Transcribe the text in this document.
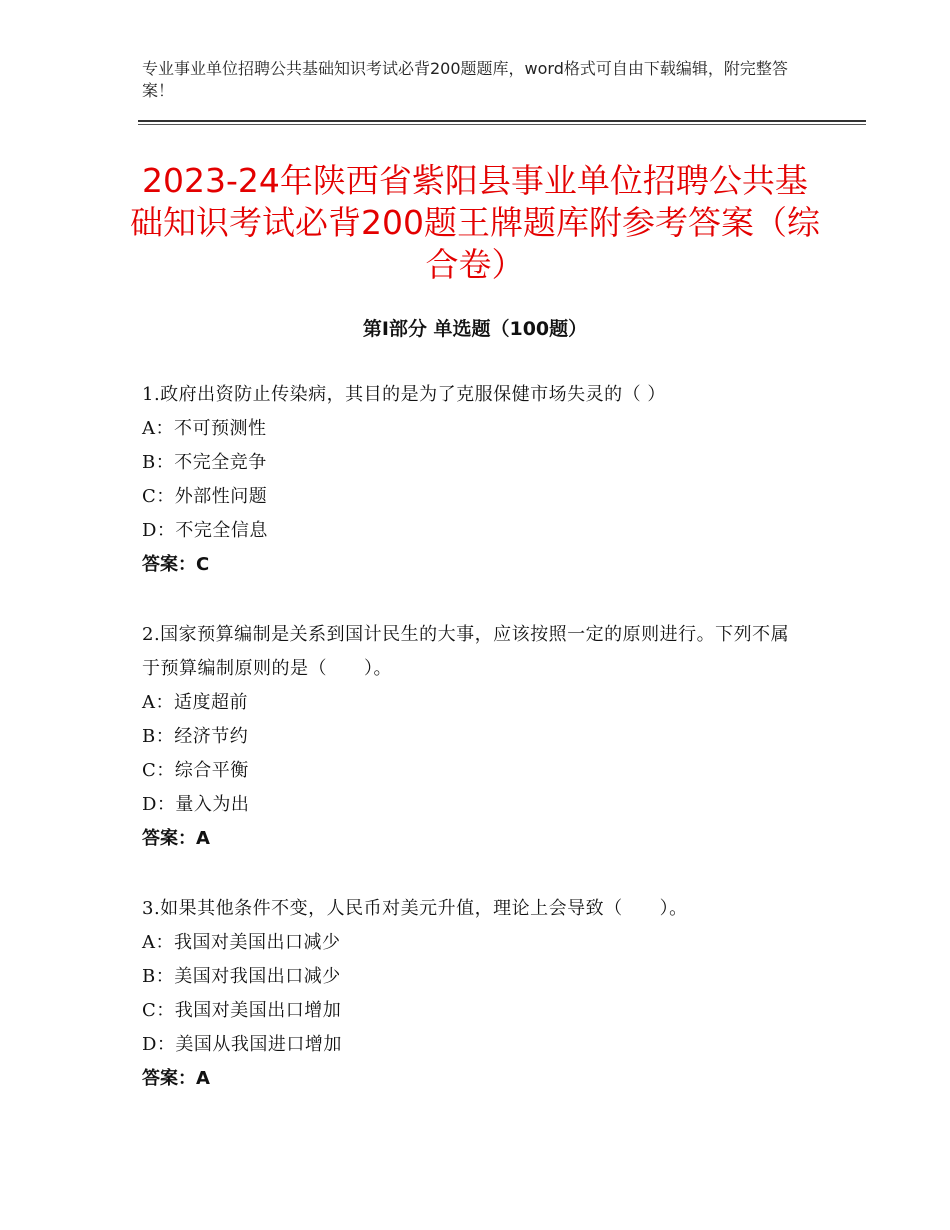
专业事业单位招聘公共基础知识考试必背200题题库，word格式可自由下载编辑，附完整答案！
2023-24年陕西省紫阳县事业单位招聘公共基础知识考试必背200题王牌题库附参考答案（综合卷）
第Ⅰ部分 单选题（100题）
1.政府出资防止传染病，其目的是为了克服保健市场失灵的（ ）
A：不可预测性
B：不完全竞争
C：外部性问题
D：不完全信息
答案：C
2.国家预算编制是关系到国计民生的大事，应该按照一定的原则进行。下列不属于预算编制原则的是（　　）。
A：适度超前
B：经济节约
C：综合平衡
D：量入为出
答案：A
3.如果其他条件不变，人民币对美元升值，理论上会导致（　　）。
A：我国对美国出口减少
B：美国对我国出口减少
C：我国对美国出口增加
D：美国从我国进口增加
答案：A
